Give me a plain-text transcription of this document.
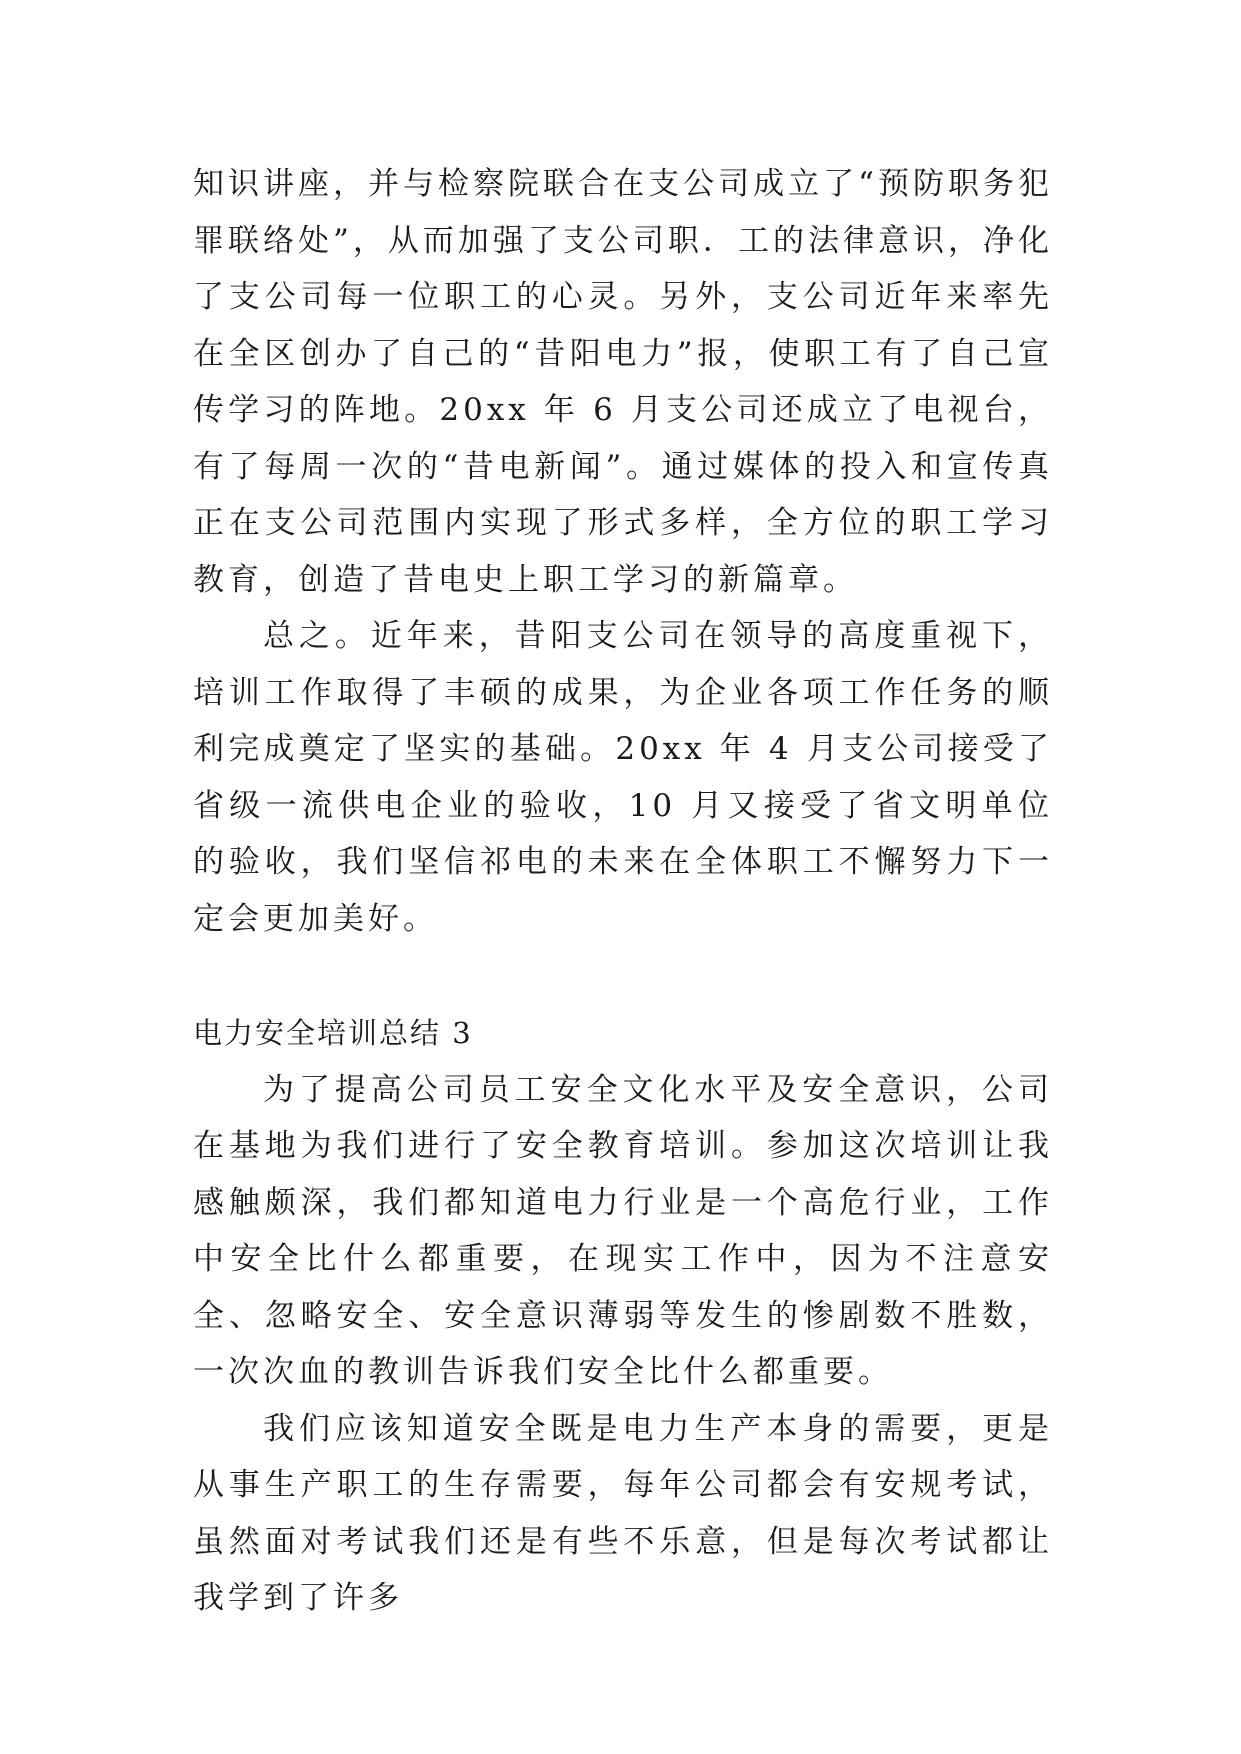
知识讲座，并与检察院联合在支公司成立了“预防职务犯罪联络处”，从而加强了支公司职．工的法律意识，净化了支公司每一位职工的心灵。另外，支公司近年来率先在全区创办了自己的“昔阳电力”报，使职工有了自己宣传学习的阵地。20xx 年 6 月支公司还成立了电视台，有了每周一次的“昔电新闻”。通过媒体的投入和宣传真正在支公司范围内实现了形式多样，全方位的职工学习教育，创造了昔电史上职工学习的新篇章。

总之。近年来，昔阳支公司在领导的高度重视下，培训工作取得了丰硕的成果，为企业各项工作任务的顺利完成奠定了坚实的基础。20xx 年 4 月支公司接受了省级一流供电企业的验收，10 月又接受了省文明单位的验收，我们坚信祁电的未来在全体职工不懈努力下一定会更加美好。

电力安全培训总结 3

为了提高公司员工安全文化水平及安全意识，公司在基地为我们进行了安全教育培训。参加这次培训让我感触颇深，我们都知道电力行业是一个高危行业，工作中安全比什么都重要，在现实工作中，因为不注意安全、忽略安全、安全意识薄弱等发生的惨剧数不胜数，一次次血的教训告诉我们安全比什么都重要。

我们应该知道安全既是电力生产本身的需要，更是从事生产职工的生存需要，每年公司都会有安规考试，虽然面对考试我们还是有些不乐意，但是每次考试都让我学到了许多
